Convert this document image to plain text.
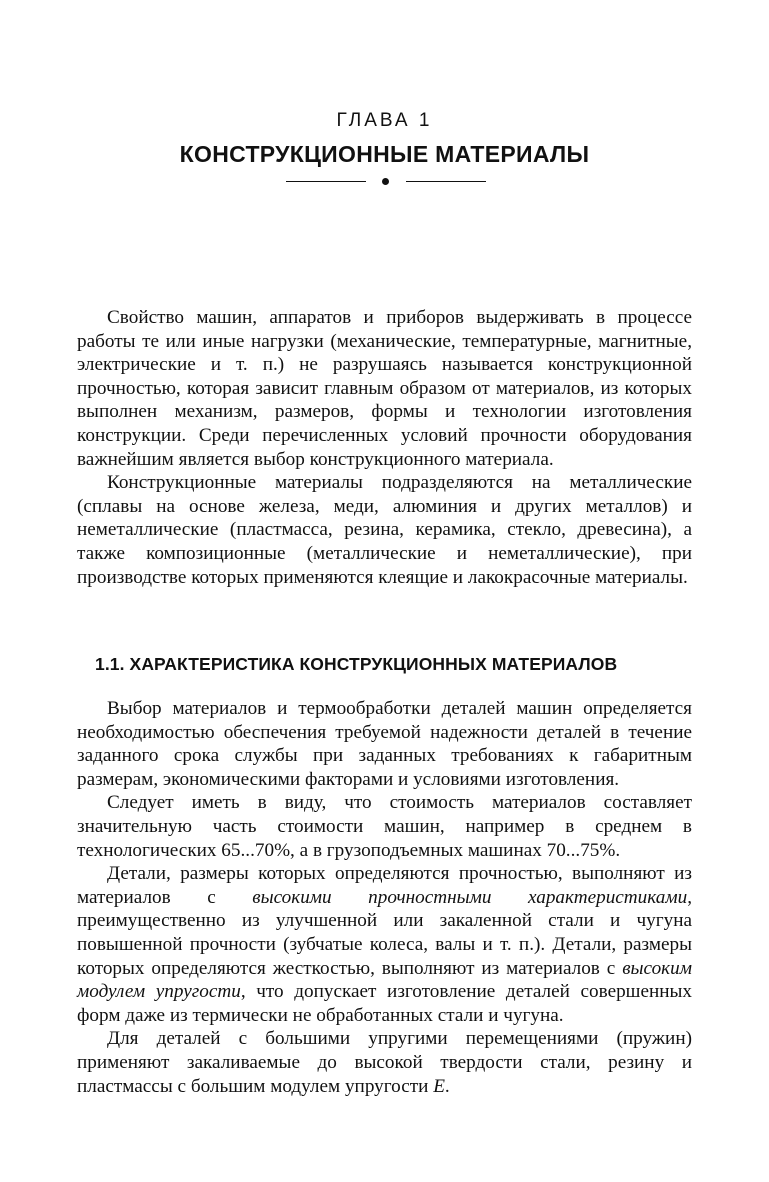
ГЛАВА 1
КОНСТРУКЦИОННЫЕ МАТЕРИАЛЫ

Свойство машин, аппаратов и приборов выдерживать в процессе работы те или иные нагрузки (механические, температурные, магнитные, электрические и т. п.) не разрушаясь называется конструкционной прочностью, которая зависит главным образом от материалов, из которых выполнен механизм, размеров, формы и технологии изготовления конструкции. Среди перечисленных условий прочности оборудования важнейшим является выбор конструкционного материала.

Конструкционные материалы подразделяются на металлические (сплавы на основе железа, меди, алюминия и других металлов) и неметаллические (пластмасса, резина, керамика, стекло, древесина), а также композиционные (металлические и неметаллические), при производстве которых применяются клеящие и лакокрасочные материалы.

1.1. ХАРАКТЕРИСТИКА КОНСТРУКЦИОННЫХ МАТЕРИАЛОВ

Выбор материалов и термообработки деталей машин определяется необходимостью обеспечения требуемой надежности деталей в течение заданного срока службы при заданных требованиях к габаритным размерам, экономическими факторами и условиями изготовления.

Следует иметь в виду, что стоимость материалов составляет значительную часть стоимости машин, например в среднем в технологических 65...70%, а в грузоподъемных машинах 70...75%.

Детали, размеры которых определяются прочностью, выполняют из материалов с высокими прочностными характеристиками, преимущественно из улучшенной или закаленной стали и чугуна повышенной прочности (зубчатые колеса, валы и т. п.). Детали, размеры которых определяются жесткостью, выполняют из материалов с высоким модулем упругости, что допускает изготовление деталей совершенных форм даже из термически не обработанных стали и чугуна.

Для деталей с большими упругими перемещениями (пружин) применяют закаливаемые до высокой твердости стали, резину и пластмассы с большим модулем упругости E.
